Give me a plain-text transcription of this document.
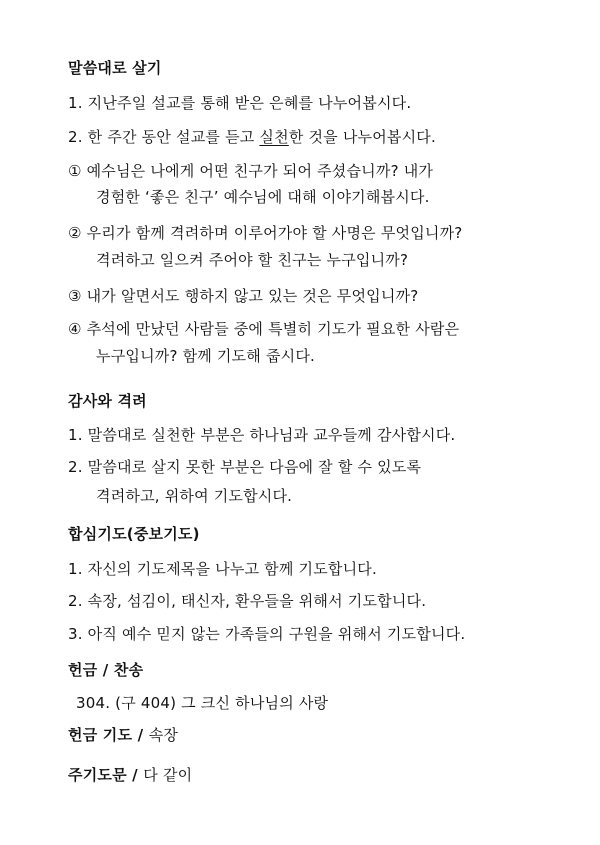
말씀대로 살기
1. 지난주일 설교를 통해 받은 은혜를 나누어봅시다.
2. 한 주간 동안 설교를 듣고 실천한 것을 나누어봅시다.
① 예수님은 나에게 어떤 친구가 되어 주셨습니까? 내가
경험한 ‘좋은 친구’ 예수님에 대해 이야기해봅시다.
② 우리가 함께 격려하며 이루어가야 할 사명은 무엇입니까?
격려하고 일으켜 주어야 할 친구는 누구입니까?
③ 내가 알면서도 행하지 않고 있는 것은 무엇입니까?
④ 추석에 만났던 사람들 중에 특별히 기도가 필요한 사람은
누구입니까? 함께 기도해 줍시다.
감사와 격려
1. 말씀대로 실천한 부분은 하나님과 교우들께 감사합시다.
2. 말씀대로 살지 못한 부분은 다음에 잘 할 수 있도록
격려하고, 위하여 기도합시다.
합심기도(중보기도)
1. 자신의 기도제목을 나누고 함께 기도합니다.
2. 속장, 섬김이, 태신자, 환우들을 위해서 기도합니다.
3. 아직 예수 믿지 않는 가족들의 구원을 위해서 기도합니다.
헌금 / 찬송
304. (구 404) 그 크신 하나님의 사랑
헌금 기도 / 속장
주기도문 / 다 같이
